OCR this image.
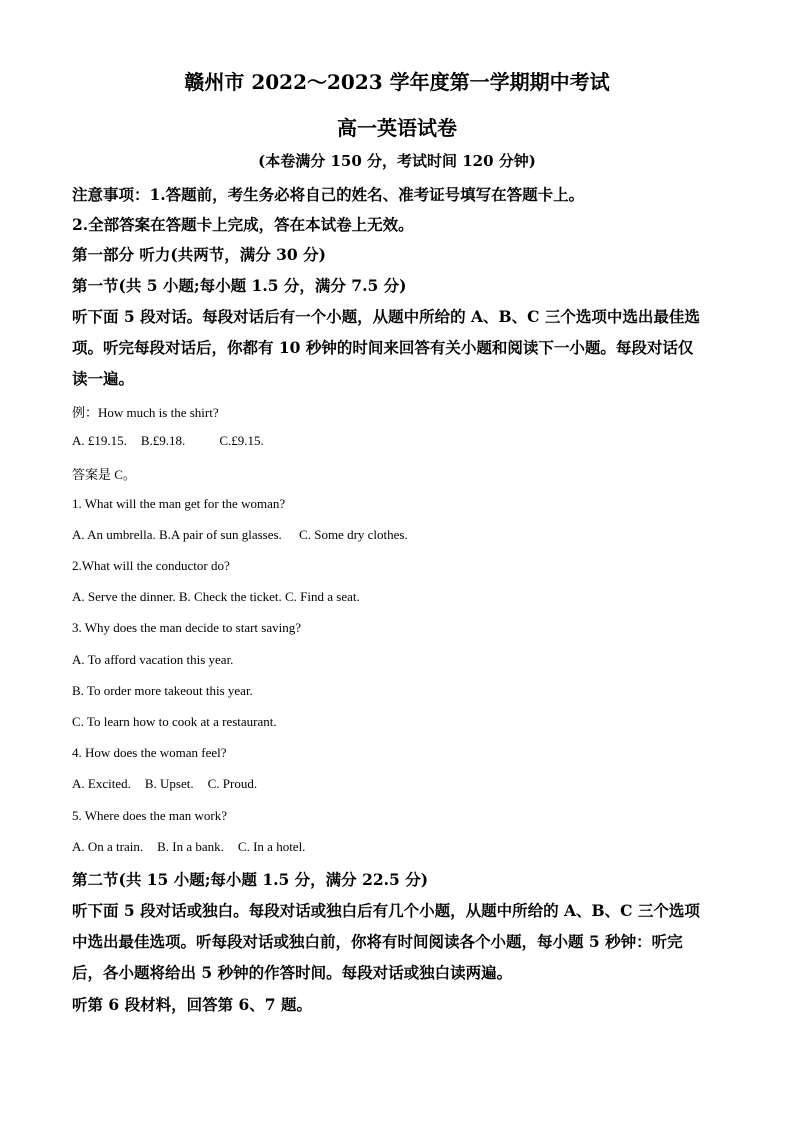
赣州市 2022～2023 学年度第一学期期中考试
高一英语试卷
(本卷满分 150 分，考试时间 120 分钟)
注意事项：1.答题前，考生务必将自己的姓名、准考证号填写在答题卡上。
2.全部答案在答题卡上完成，答在本试卷上无效。
第一部分 听力(共两节，满分 30 分)
第一节(共 5 小题;每小题 1.5 分，满分 7.5 分)
听下面 5 段对话。每段对话后有一个小题，从题中所给的 A、B、C 三个选项中选出最佳选
项。听完每段对话后，你都有 10 秒钟的时间来回答有关小题和阅读下一小题。每段对话仅
读一遍。
例：How much is the shirt?
A. £19.15. B.£9.18.	C.£9.15.
答案是 C。
1. What will the man get for the woman?
A. An umbrella. B.A pair of sun glasses. C. Some dry clothes.
2.What will the conductor do?
A. Serve the dinner. B. Check the ticket. C. Find a seat.
3. Why does the man decide to start saving?
A. To afford vacation this year.
B. To order more takeout this year.
C. To learn how to cook at a restaurant.
4. How does the woman feel?
A. Excited. B. Upset. C. Proud.
5. Where does the man work?
A. On a train. B. In a bank. C. In a hotel.
第二节(共 15 小题;每小题 1.5 分，满分 22.5 分)
听下面 5 段对话或独白。每段对话或独白后有几个小题，从题中所给的 A、B、C 三个选项
中选出最佳选项。听每段对话或独白前，你将有时间阅读各个小题，每小题 5 秒钟：听完
后，各小题将给出 5 秒钟的作答时间。每段对话或独白读两遍。
听第 6 段材料，回答第 6、7 题。
